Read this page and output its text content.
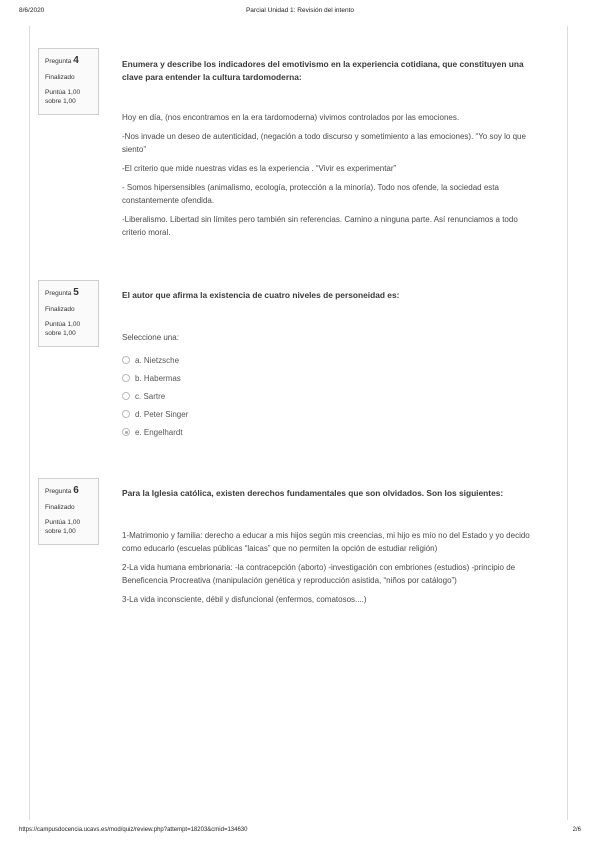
8/6/2020	Parcial Unidad 1: Revisión del intento
Pregunta 4
Finalizado
Puntúa 1,00 sobre 1,00

Enumera y describe los indicadores del emotivismo en la experiencia cotidiana, que constituyen una clave para entender la cultura tardomoderna:

Hoy en día, (nos encontramos en la era tardomoderna) vivimos controlados por las emociones.

-Nos invade un deseo de autenticidad, (negación a todo discurso y sometimiento a las emociones). “Yo soy lo que siento”

-El criterio que mide nuestras vidas es la experiencia . “Vivir es experimentar”

- Somos hipersensibles (animalismo, ecología, protección a la minoría). Todo nos ofende, la sociedad esta constantemente ofendida.

-Liberalismo. Libertad sin límites pero también sin referencias. Camino a ninguna parte. Así renunciamos a todo criterio moral.

Pregunta 5
Finalizado
Puntúa 1,00 sobre 1,00

El autor que afirma la existencia de cuatro niveles de personeidad es:

Seleccione una:

a. Nietzsche
b. Habermas
c. Sartre
d. Peter Singer
e. Engelhardt
Pregunta 6
Finalizado
Puntúa 1,00 sobre 1,00

Para la Iglesia católica, existen derechos fundamentales que son olvidados. Son los siguientes:

1-Matrimonio y familia: derecho a educar a mis hijos según mis creencias, mi hijo es mío no del Estado y yo decido como educarlo (escuelas públicas “laicas” que no permiten la opción de estudiar religión)

2-La vida humana embrionaria: -la contracepción (aborto) -investigación con embriones (estudios) -principio de Beneficencia Procreativa (manipulación genética y reproducción asistida, “niños por catálogo”)

3-La vida inconsciente, débil y disfuncional (enfermos, comatosos....)

https://campusdocencia.ucavs.es/mod/quiz/review.php?attempt=18203&cmid=134630	2/6
